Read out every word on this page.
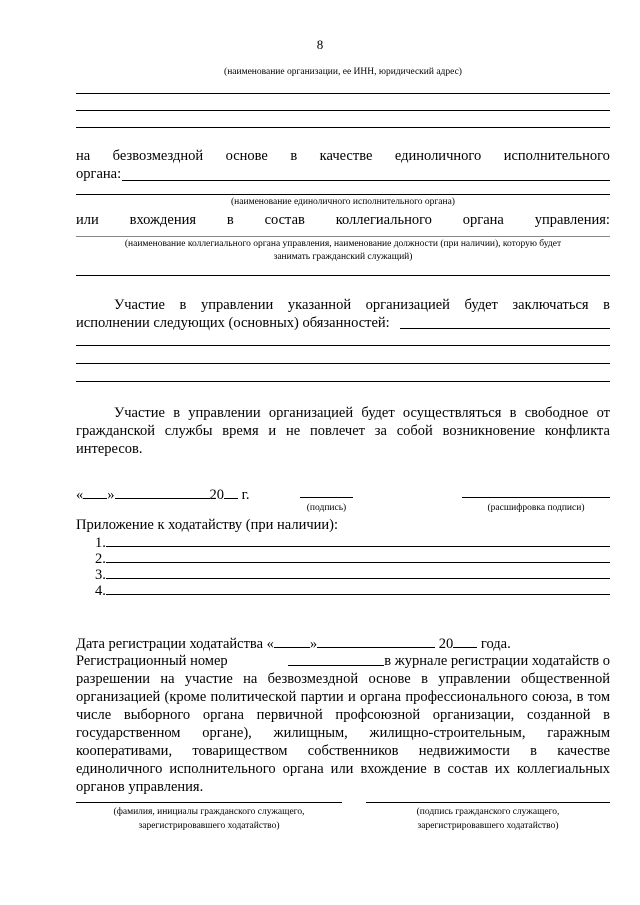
8
(наименование организации, ее ИНН, юридический адрес)
на безвозмездной основе в качестве единоличного исполнительного
органа:
(наименование единоличного исполнительного органа)
или вхождения в состав коллегиального органа управления:
(наименование коллегиального органа управления, наименование должности (при наличии), которую будет
занимать гражданский служащий)
Участие в управлении указанной организацией будет заключаться в
исполнении следующих (основных) обязанностей:
Участие в управлении организацией будет осуществляться в свободное от гражданской службы время и не повлечет за собой возникновение конфликта интересов.
« »	20 г.
(подпись)	(расшифровка подписи)
Приложение к ходатайству (при наличии):
1.
2.
3.
4.
Дата регистрации ходатайства « »	20 года.
Регистрационный номер	в журнале регистрации ходатайств о
разрешении на участие на безвозмездной основе в управлении общественной организацией (кроме политической партии и органа профессионального союза, в том числе выборного органа первичной профсоюзной организации, созданной в государственном органе), жилищным, жилищно-строительным, гаражным кооперативами, товариществом собственников недвижимости в качестве единоличного исполнительного органа или вхождение в состав их коллегиальных органов управления.
(фамилия, инициалы гражданского служащего,
зарегистрировавшего ходатайство)
(подпись гражданского служащего,
зарегистрировавшего ходатайство)
